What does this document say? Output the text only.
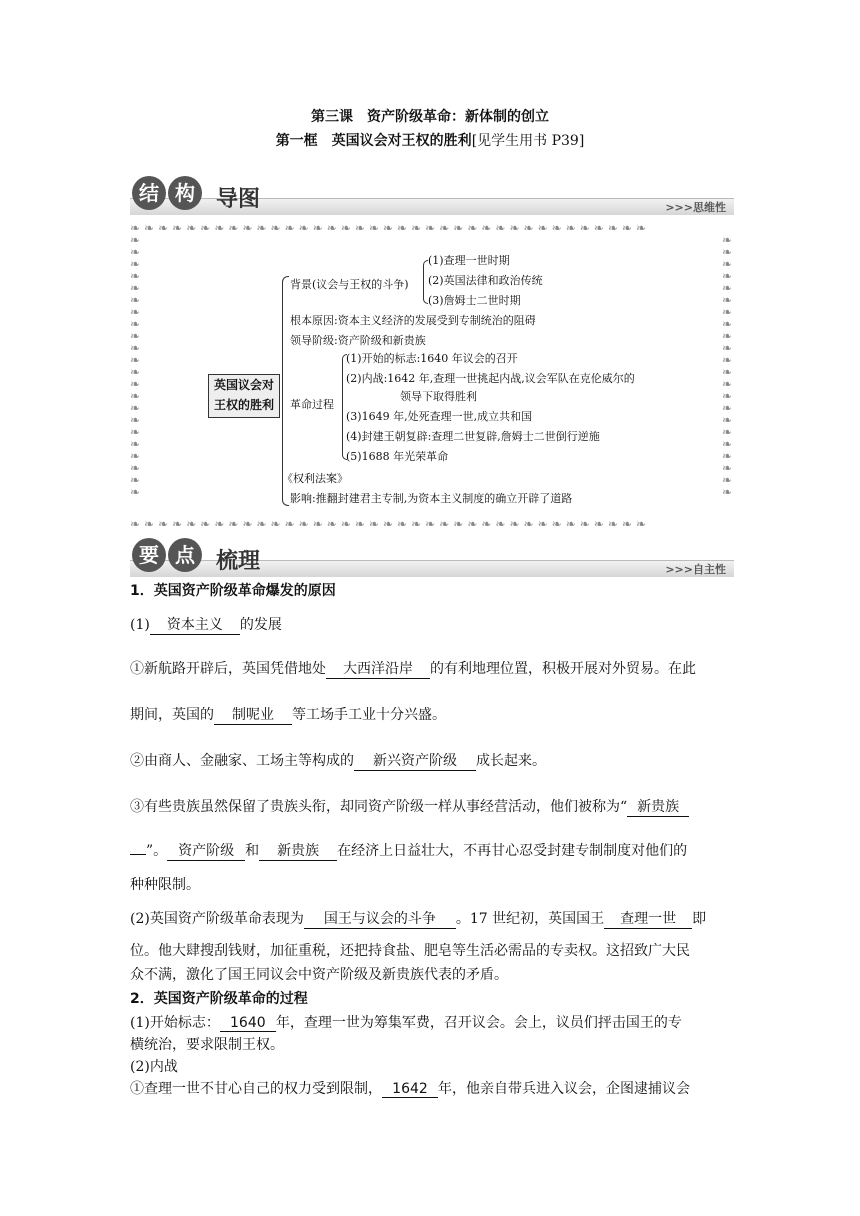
第三课　资产阶级革命：新体制的创立
第一框　英国议会对王权的胜利[见学生用书 P39]
结 构 导图	>>>思维性
❧❧❧❧❧❧❧❧❧❧❧❧❧❧❧❧❧❧❧❧❧❧❧❧❧❧❧❧❧❧❧❧❧❧❧❧❧
❧❧❧❧❧❧❧❧❧❧❧❧❧❧❧❧❧❧❧❧❧❧❧❧❧❧❧❧❧❧❧❧❧❧❧❧❧
❧❧❧❧❧❧❧❧❧❧❧❧❧❧❧❧❧❧❧❧❧❧
❧❧❧❧❧❧❧❧❧❧❧❧❧❧❧❧❧❧❧❧❧❧
英国议会对王权的胜利
背景(议会与王权的斗争)
(1)查理一世时期
(2)英国法律和政治传统
(3)詹姆士二世时期
根本原因:资本主义经济的发展受到专制统治的阻碍
领导阶级:资产阶级和新贵族
革命过程
(1)开始的标志:1640 年议会的召开
(2)内战:1642 年,查理一世挑起内战,议会军队在克伦威尔的
领导下取得胜利
(3)1649 年,处死查理一世,成立共和国
(4)封建王朝复辟:查理二世复辟,詹姆士二世倒行逆施
(5)1688 年光荣革命
《权利法案》
影响:推翻封建君主专制,为资本主义制度的确立开辟了道路
要 点 梳理	>>>自主性
1．英国资产阶级革命爆发的原因
(1) 资本主义 的发展
①新航路开辟后，英国凭借地处 大西洋沿岸 的有利地理位置，积极开展对外贸易。在此
期间，英国的 制呢业 等工场手工业十分兴盛。
②由商人、金融家、工场主等构成的 新兴资产阶级 成长起来。
③有些贵族虽然保留了贵族头衔，却同资产阶级一样从事经营活动，他们被称为“ 新贵族
”。 资产阶级 和 新贵族 在经济上日益壮大，不再甘心忍受封建专制制度对他们的
种种限制。
(2)英国资产阶级革命表现为 国王与议会的斗争 。17 世纪初，英国国王 查理一世 即
位。他大肆搜刮钱财，加征重税，还把持食盐、肥皂等生活必需品的专卖权。这招致广大民
众不满，激化了国王同议会中资产阶级及新贵族代表的矛盾。
2．英国资产阶级革命的过程
(1)开始标志： 1640 年，查理一世为筹集军费，召开议会。会上，议员们抨击国王的专
横统治，要求限制王权。
(2)内战
①查理一世不甘心自己的权力受到限制， 1642 年，他亲自带兵进入议会，企图逮捕议会
